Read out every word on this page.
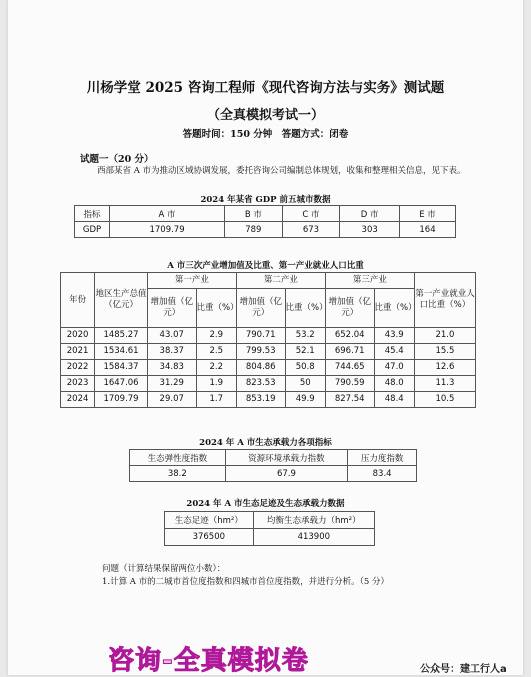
川杨学堂 2025 咨询工程师《现代咨询方法与实务》测试题
（全真模拟考试一）
答题时间：150 分钟　答题方式：闭卷
试题一（20 分）
西部某省 A 市为推动区域协调发展，委托咨询公司编制总体规划，收集和整理相关信息，见下表。
2024 年某省 GDP 前五城市数据
指标	A 市	B 市	C 市	D 市	E 市
GDP	1709.79	789	673	303	164
A 市三次产业增加值及比重、第一产业就业人口比重
年份	地区生产总值（亿元）	第一产业		第二产业		第三产业		第一产业就业人口比重（%）
		增加值（亿元）	比重（%）	增加值（亿元）	比重（%）	增加值（亿元）	比重（%）	
2020	1485.27	43.07	2.9	790.71	53.2	652.04	43.9	21.0
2021	1534.61	38.37	2.5	799.53	52.1	696.71	45.4	15.5
2022	1584.37	34.83	2.2	804.86	50.8	744.65	47.0	12.6
2023	1647.06	31.29	1.9	823.53	50	790.59	48.0	11.3
2024	1709.79	29.07	1.7	853.19	49.9	827.54	48.4	10.5
2024 年 A 市生态承载力各项指标
生态弹性度指数	资源环境承载力指数	压力度指数
38.2	67.9	83.4
2024 年 A 市生态足迹及生态承载力数据
生态足迹（hm²）	均衡生态承载力（hm²）
376500	413900
问题（计算结果保留两位小数）：
1.计算 A 市的二城市首位度指数和四城市首位度指数，并进行分析。（5 分）
咨询-全真模拟卷	公众号：建工行人a
